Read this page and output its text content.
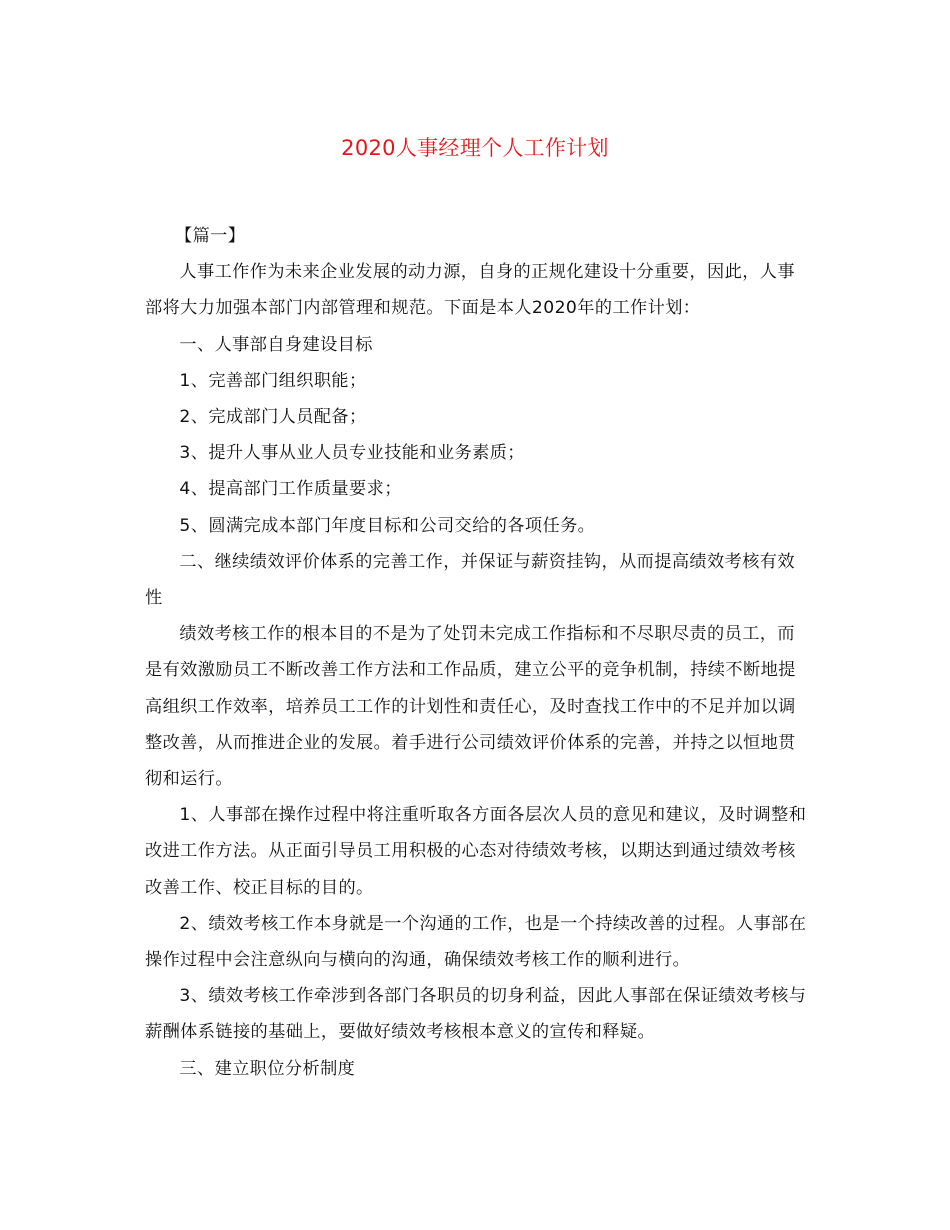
2020人事经理个人工作计划

【篇一】

人事工作作为未来企业发展的动力源，自身的正规化建设十分重要，因此，人事部将大力加强本部门内部管理和规范。下面是本人2020年的工作计划：

一、人事部自身建设目标

1、完善部门组织职能；

2、完成部门人员配备；

3、提升人事从业人员专业技能和业务素质；

4、提高部门工作质量要求；

5、圆满完成本部门年度目标和公司交给的各项任务。

二、继续绩效评价体系的完善工作，并保证与薪资挂钩，从而提高绩效考核有效性

绩效考核工作的根本目的不是为了处罚未完成工作指标和不尽职尽责的员工，而是有效激励员工不断改善工作方法和工作品质，建立公平的竞争机制，持续不断地提高组织工作效率，培养员工工作的计划性和责任心，及时查找工作中的不足并加以调整改善，从而推进企业的发展。着手进行公司绩效评价体系的完善，并持之以恒地贯彻和运行。

1、人事部在操作过程中将注重听取各方面各层次人员的意见和建议，及时调整和改进工作方法。从正面引导员工用积极的心态对待绩效考核，以期达到通过绩效考核改善工作、校正目标的目的。

2、绩效考核工作本身就是一个沟通的工作，也是一个持续改善的过程。人事部在操作过程中会注意纵向与横向的沟通，确保绩效考核工作的顺利进行。

3、绩效考核工作牵涉到各部门各职员的切身利益，因此人事部在保证绩效考核与薪酬体系链接的基础上，要做好绩效考核根本意义的宣传和释疑。

三、建立职位分析制度
